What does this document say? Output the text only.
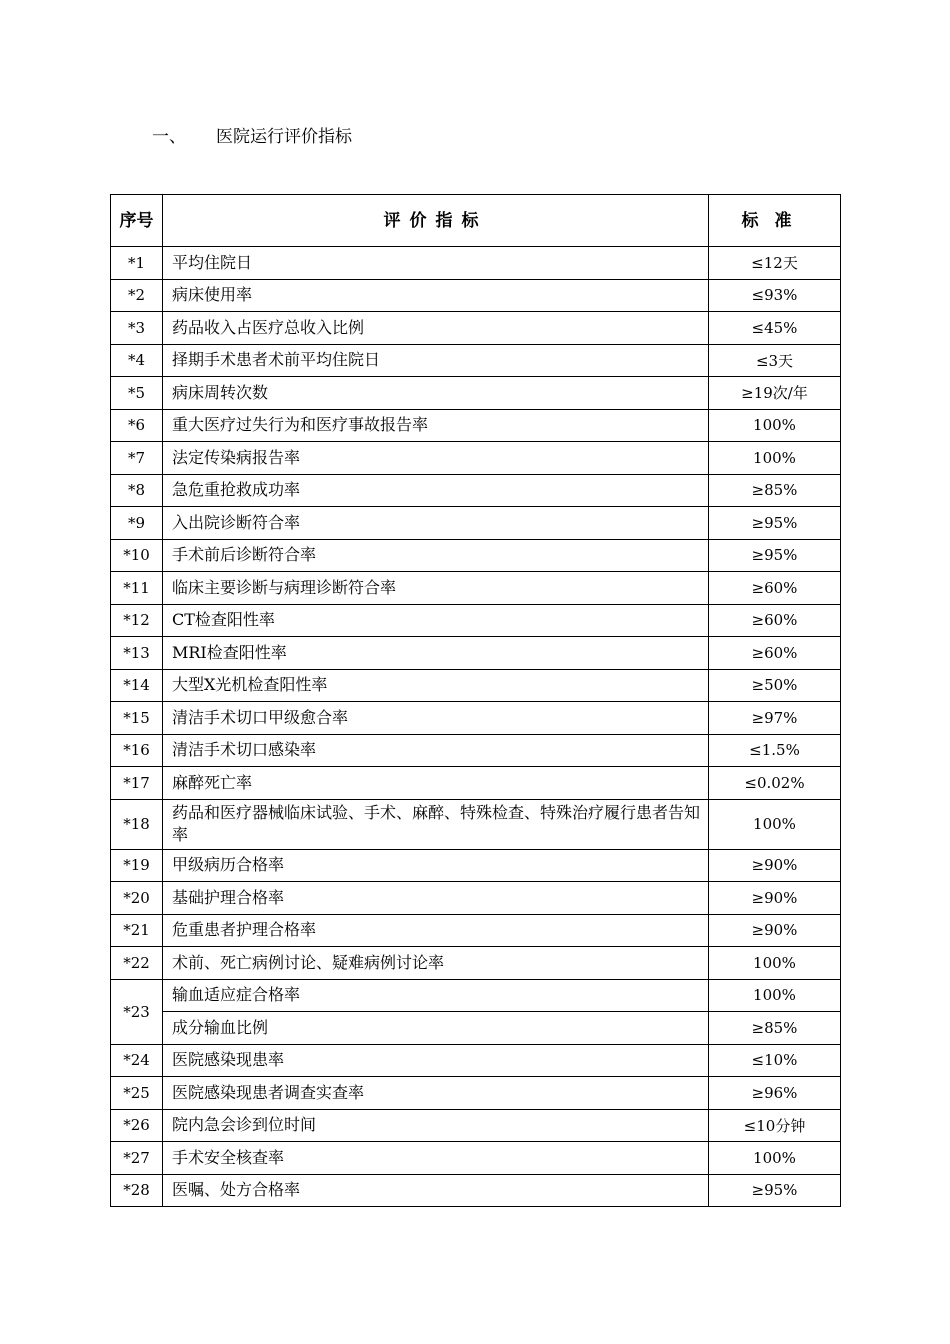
一、	医院运行评价指标
序号	评价指标	标准
*1	平均住院日	≤12天
*2	病床使用率	≤93%
*3	药品收入占医疗总收入比例	≤45%
*4	择期手术患者术前平均住院日	≤3天
*5	病床周转次数	≥19次/年
*6	重大医疗过失行为和医疗事故报告率	100%
*7	法定传染病报告率	100%
*8	急危重抢救成功率	≥85%
*9	入出院诊断符合率	≥95%
*10	手术前后诊断符合率	≥95%
*11	临床主要诊断与病理诊断符合率	≥60%
*12	CT检查阳性率	≥60%
*13	MRI检查阳性率	≥60%
*14	大型X光机检查阳性率	≥50%
*15	清洁手术切口甲级愈合率	≥97%
*16	清洁手术切口感染率	≤1.5%
*17	麻醉死亡率	≤0.02%
*18	药品和医疗器械临床试验、手术、麻醉、特殊检查、特殊治疗履行患者告知率	100%
*19	甲级病历合格率	≥90%
*20	基础护理合格率	≥90%
*21	危重患者护理合格率	≥90%
*22	术前、死亡病例讨论、疑难病例讨论率	100%
*23	输血适应症合格率	100%
	成分输血比例	≥85%
*24	医院感染现患率	≤10%
*25	医院感染现患者调查实查率	≥96%
*26	院内急会诊到位时间	≤10分钟
*27	手术安全核查率	100%
*28	医嘱、处方合格率	≥95%
